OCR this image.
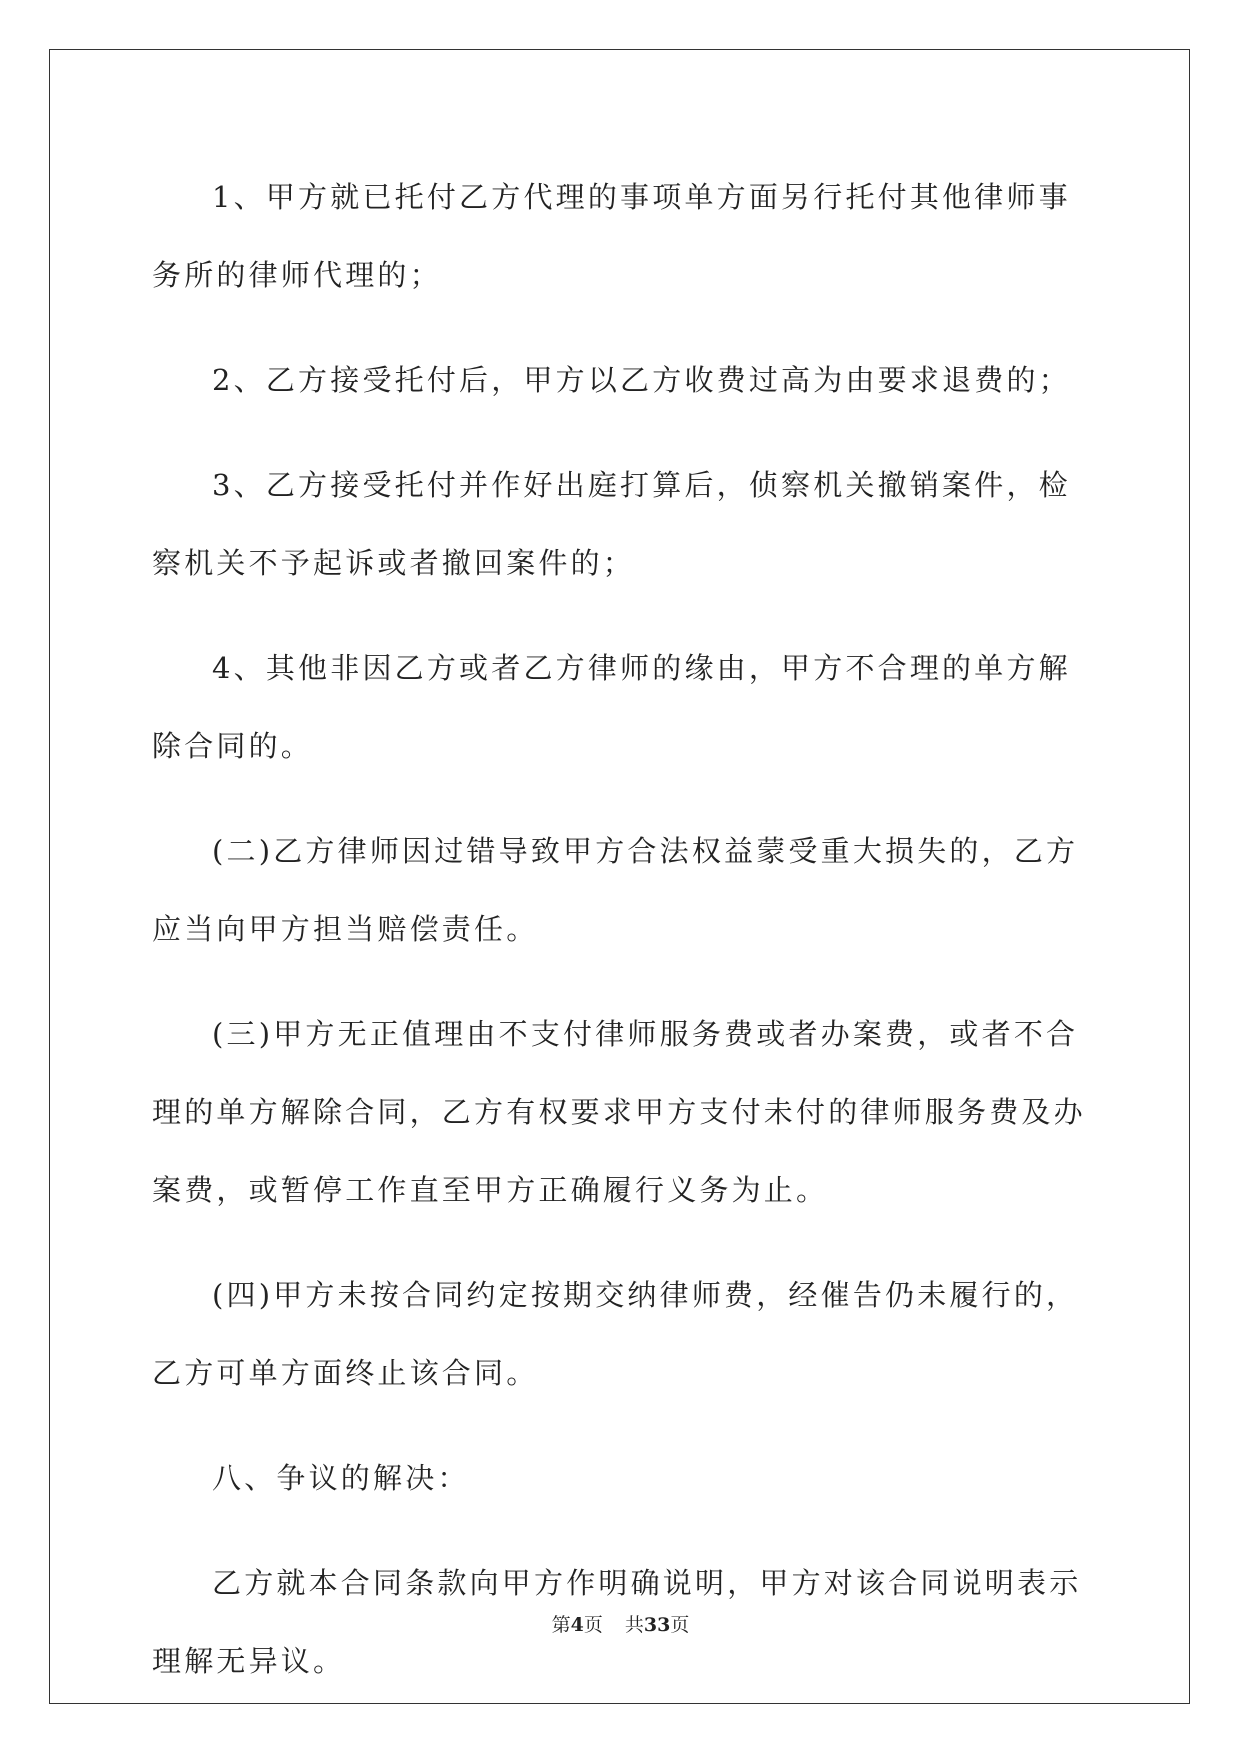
1、甲方就已托付乙方代理的事项单方面另行托付其他律师事务所的律师代理的；

2、乙方接受托付后，甲方以乙方收费过高为由要求退费的；

3、乙方接受托付并作好出庭打算后，侦察机关撤销案件，检察机关不予起诉或者撤回案件的；

4、其他非因乙方或者乙方律师的缘由，甲方不合理的单方解除合同的。

(二)乙方律师因过错导致甲方合法权益蒙受重大损失的，乙方应当向甲方担当赔偿责任。

(三)甲方无正值理由不支付律师服务费或者办案费，或者不合理的单方解除合同，乙方有权要求甲方支付未付的律师服务费及办案费，或暂停工作直至甲方正确履行义务为止。

(四)甲方未按合同约定按期交纳律师费，经催告仍未履行的，乙方可单方面终止该合同。

八、争议的解决：

乙方就本合同条款向甲方作明确说明，甲方对该合同说明表示理解无异议。

第4页 共33页
